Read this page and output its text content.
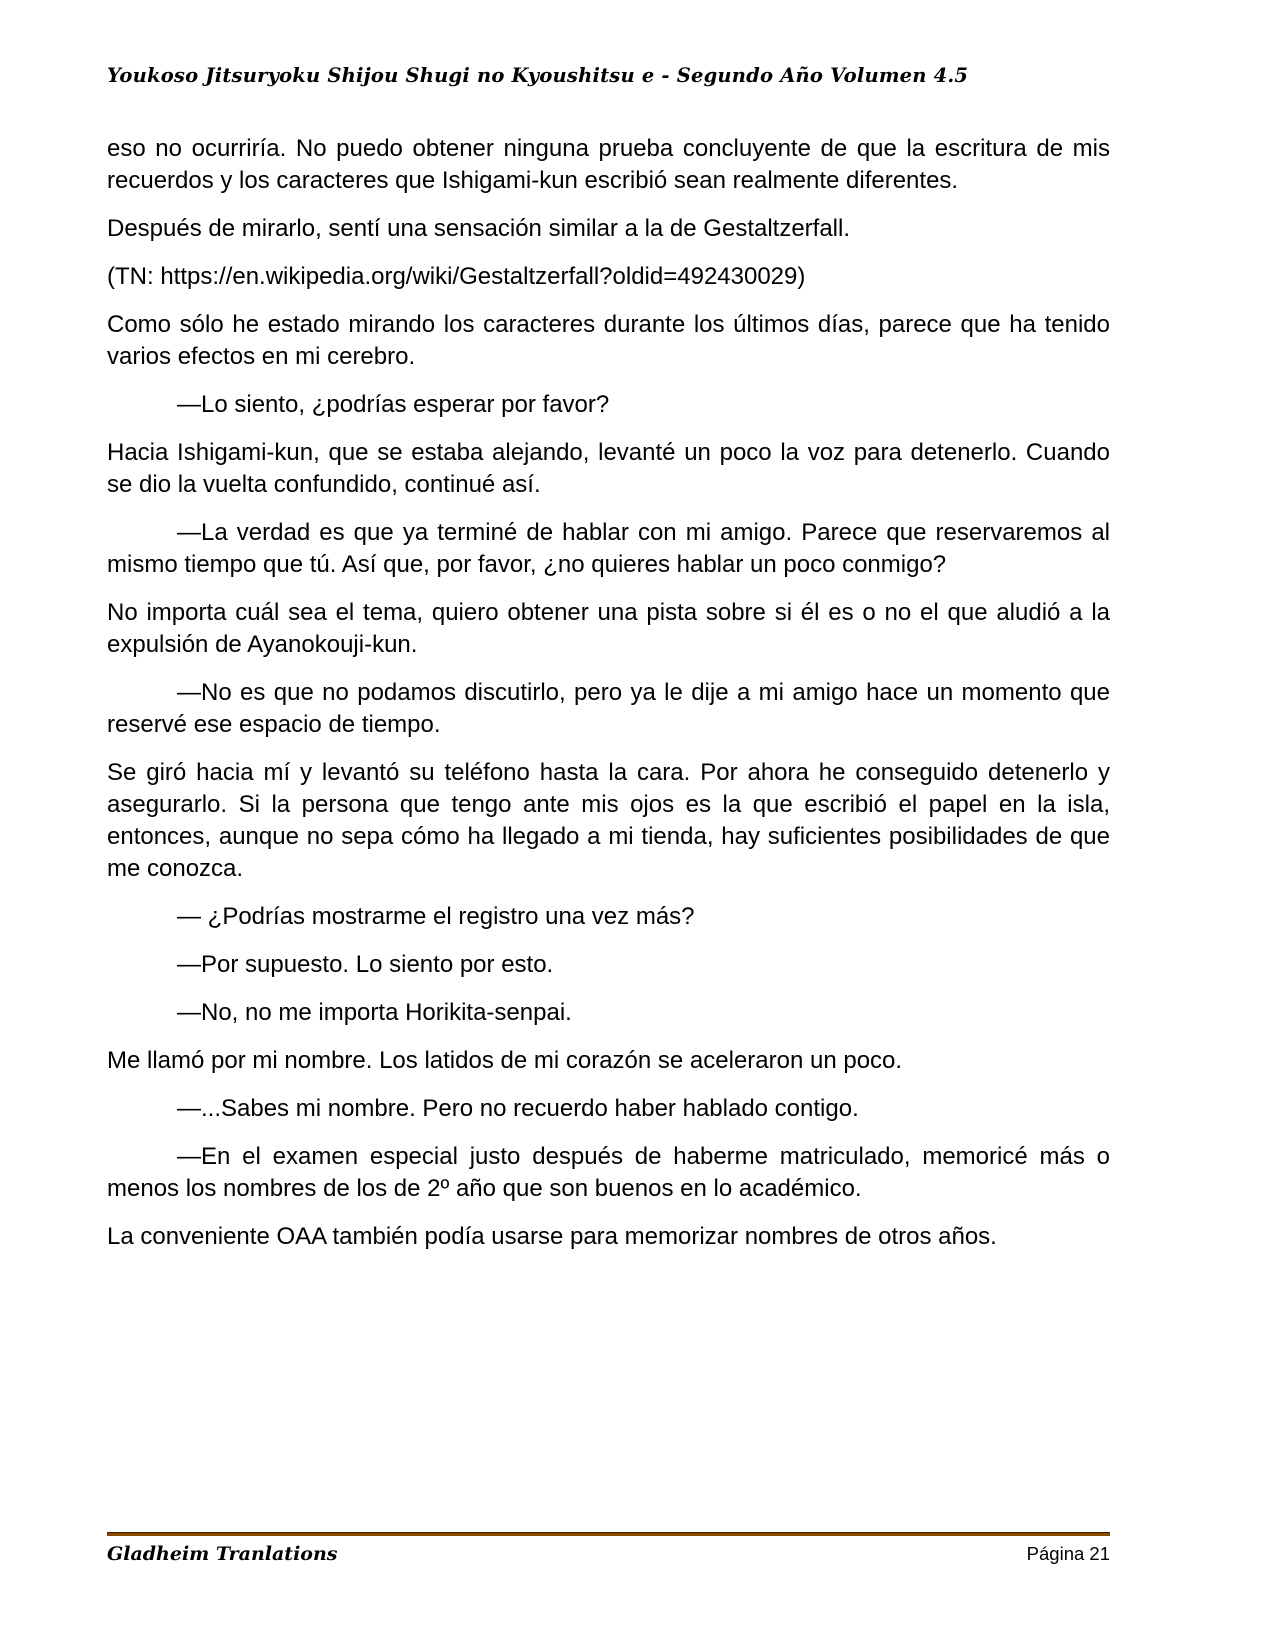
Youkoso Jitsuryoku Shijou Shugi no Kyoushitsu e - Segundo Año Volumen 4.5

eso no ocurriría. No puedo obtener ninguna prueba concluyente de que la escritura de mis recuerdos y los caracteres que Ishigami-kun escribió sean realmente diferentes.

Después de mirarlo, sentí una sensación similar a la de Gestaltzerfall.

(TN: https://en.wikipedia.org/wiki/Gestaltzerfall?oldid=492430029)

Como sólo he estado mirando los caracteres durante los últimos días, parece que ha tenido varios efectos en mi cerebro.

—Lo siento, ¿podrías esperar por favor?

Hacia Ishigami-kun, que se estaba alejando, levanté un poco la voz para detenerlo. Cuando se dio la vuelta confundido, continué así.

—La verdad es que ya terminé de hablar con mi amigo. Parece que reservaremos al mismo tiempo que tú. Así que, por favor, ¿no quieres hablar un poco conmigo?

No importa cuál sea el tema, quiero obtener una pista sobre si él es o no el que aludió a la expulsión de Ayanokouji-kun.

—No es que no podamos discutirlo, pero ya le dije a mi amigo hace un momento que reservé ese espacio de tiempo.

Se giró hacia mí y levantó su teléfono hasta la cara. Por ahora he conseguido detenerlo y asegurarlo. Si la persona que tengo ante mis ojos es la que escribió el papel en la isla, entonces, aunque no sepa cómo ha llegado a mi tienda, hay suficientes posibilidades de que me conozca.

— ¿Podrías mostrarme el registro una vez más?

—Por supuesto. Lo siento por esto.

—No, no me importa Horikita-senpai.

Me llamó por mi nombre. Los latidos de mi corazón se aceleraron un poco.

—...Sabes mi nombre. Pero no recuerdo haber hablado contigo.

—En el examen especial justo después de haberme matriculado, memoricé más o menos los nombres de los de 2º año que son buenos en lo académico.

La conveniente OAA también podía usarse para memorizar nombres de otros años.

Gladheim Tranlations	Página 21
